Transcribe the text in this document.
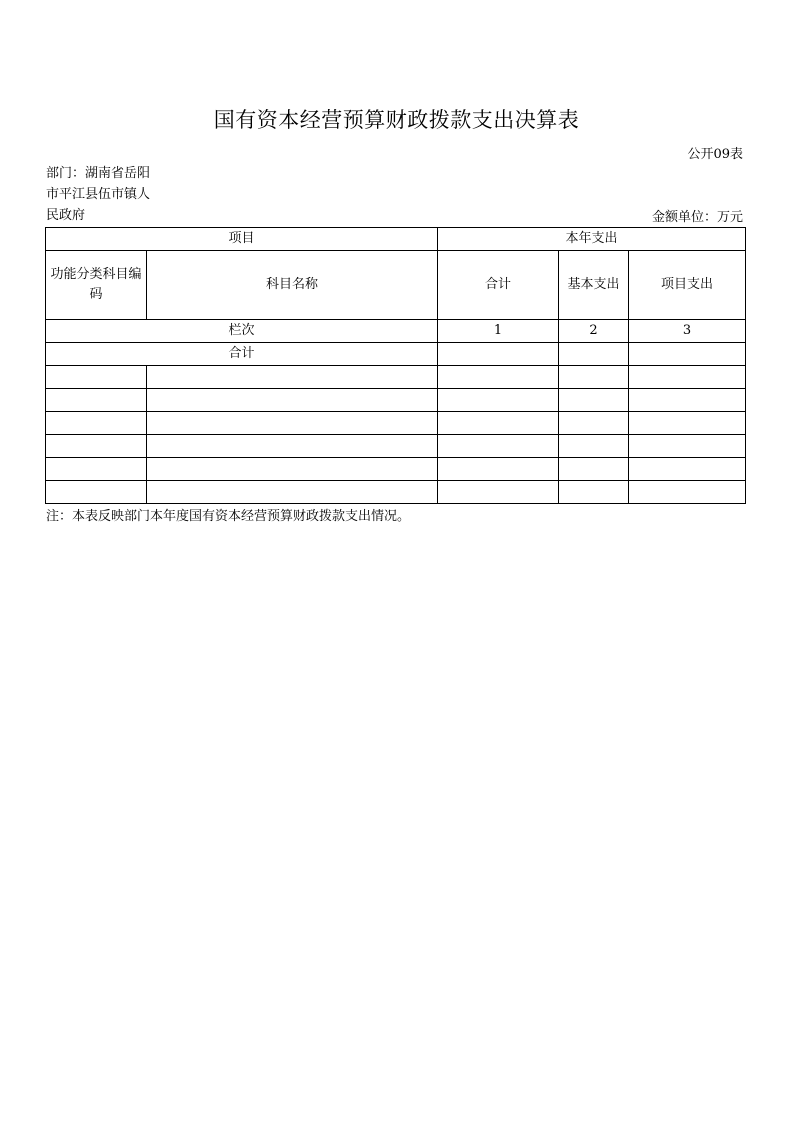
国有资本经营预算财政拨款支出决算表
公开09表
部门：湖南省岳阳市平江县伍市镇人民政府	金额单位：万元
项目		本年支出		
功能分类科目编码	科目名称	合计	基本支出	项目支出
栏次		1	2	3
合计				

注：本表反映部门本年度国有资本经营预算财政拨款支出情况。
